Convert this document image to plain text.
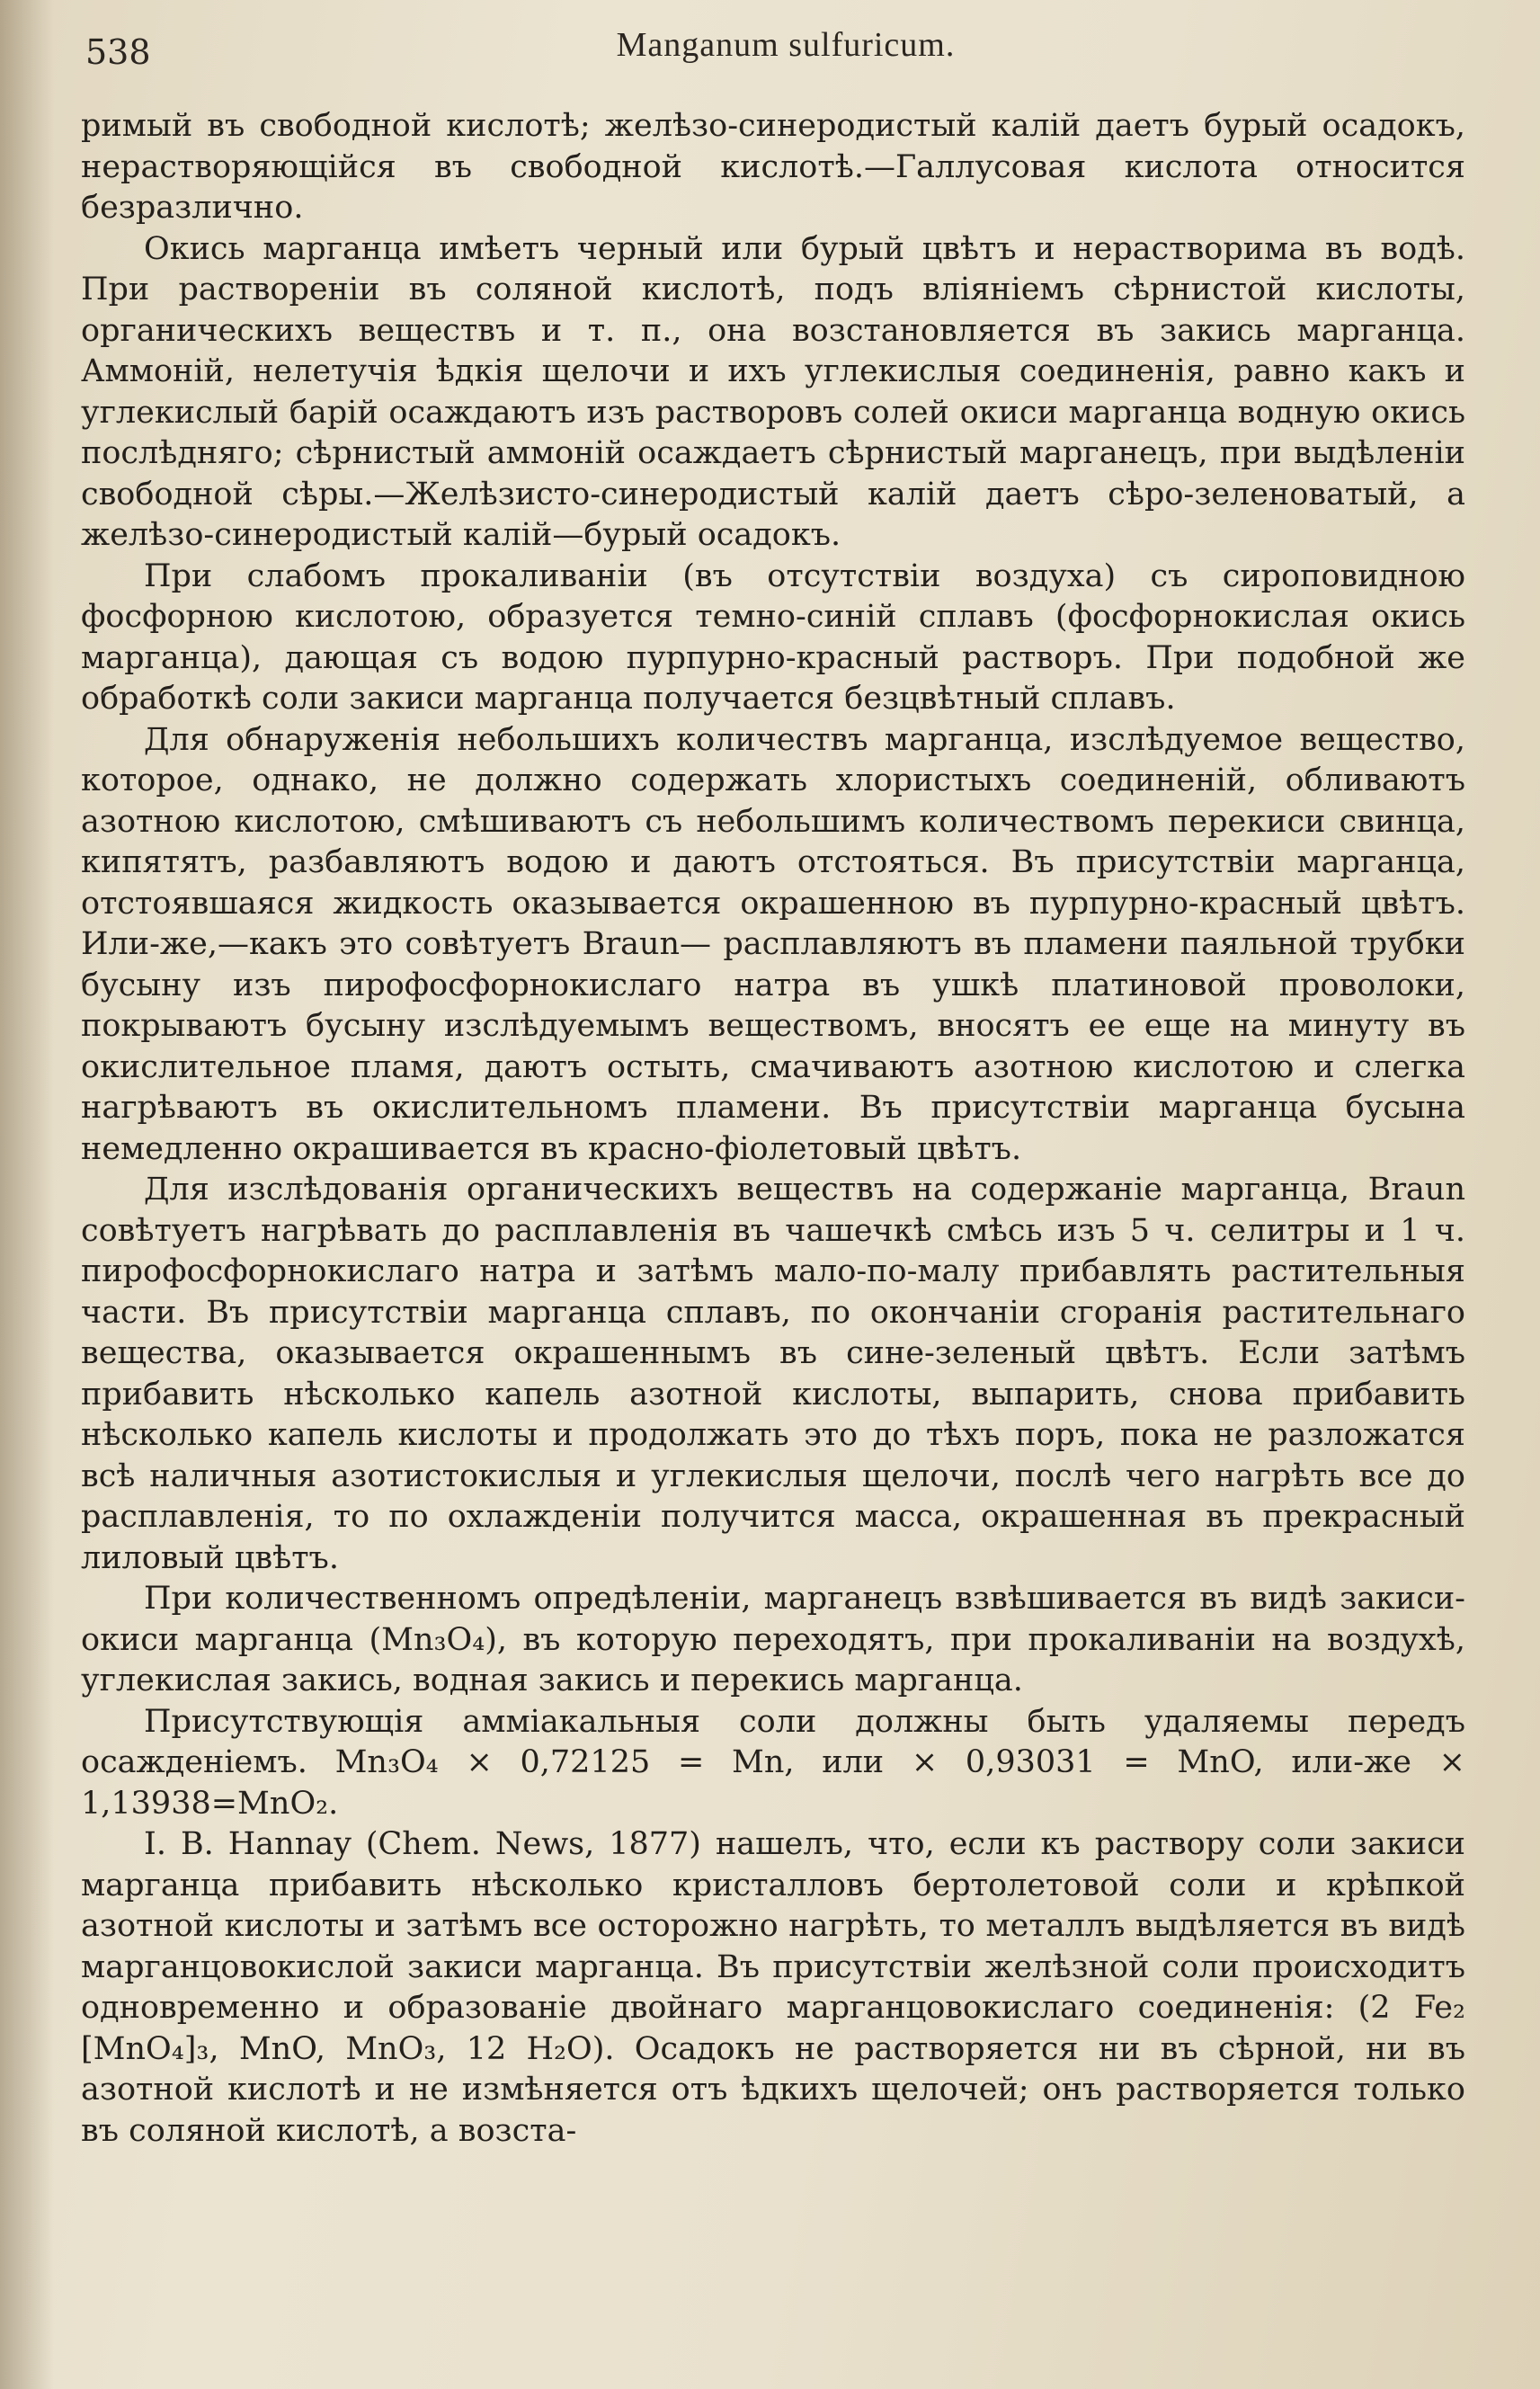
538	Manganum sulfuricum.

римый въ свободной кислотѣ; желѣзо-синеродистый калій даетъ бурый осадокъ, нерастворяющійся въ свободной кислотѣ.—Галлусовая кислота относится безразлично.

Окись марганца имѣетъ черный или бурый цвѣтъ и нерастворима въ водѣ. При растворенiи въ соляной кислотѣ, подъ вліяніемъ сѣрнистой кислоты, органическихъ веществъ и т. п., она возстановляется въ закись марганца. Аммоній, нелетучія ѣдкія щелочи и ихъ углекислыя соединенія, равно какъ и углекислый барій осаждаютъ изъ растворовъ солей окиси марганца водную окись послѣдняго; сѣрнистый аммоній осаждаетъ сѣрнистый марганецъ, при выдѣленіи свободной сѣры.—Желѣзисто-синеродистый калій даетъ сѣро-зеленоватый, а желѣзо-синеродистый калій—бурый осадокъ.

При слабомъ прокаливаніи (въ отсутствіи воздуха) съ сироповидною фосфорною кислотою, образуется темно-синій сплавъ (фосфорнокислая окись марганца), дающая съ водою пурпурно-красный растворъ. При подобной же обработкѣ соли закиси марганца получается безцвѣтный сплавъ.

Для обнаруженія небольшихъ количествъ марганца, изслѣдуемое вещество, которое, однако, не должно содержать хлористыхъ соединеній, обливаютъ азотною кислотою, смѣшиваютъ съ небольшимъ количествомъ перекиси свинца, кипятятъ, разбавляютъ водою и даютъ отстояться. Въ присутствіи марганца, отстоявшаяся жидкость оказывается окрашенною въ пурпурно-красный цвѣтъ. Или-же,—какъ это совѣтуетъ Braun— расплавляютъ въ пламени паяльной трубки бусыну изъ пирофосфорнокислаго натра въ ушкѣ платиновой проволоки, покрываютъ бусыну изслѣдуемымъ веществомъ, вносятъ ее еще на минуту въ окислительное пламя, даютъ остыть, смачиваютъ азотною кислотою и слегка нагрѣваютъ въ окислительномъ пламени. Въ присутствіи марганца бусына немедленно окрашивается въ красно-фіолетовый цвѣтъ.

Для изслѣдованія органическихъ веществъ на содержаніе марганца, Braun совѣтуетъ нагрѣвать до расплавленія въ чашечкѣ смѣсь изъ 5 ч. селитры и 1 ч. пирофосфорнокислаго натра и затѣмъ мало-по-малу прибавлять растительныя части. Въ присутствіи марганца сплавъ, по окончаніи сгоранія растительнаго вещества, оказывается окрашеннымъ въ сине-зеленый цвѣтъ. Если затѣмъ прибавить нѣсколько капель азотной кислоты, выпарить, снова прибавить нѣсколько капель кислоты и продолжать это до тѣхъ поръ, пока не разложатся всѣ наличныя азотистокислыя и углекислыя щелочи, послѣ чего нагрѣть все до расплавленія, то по охлажденіи получится масса, окрашенная въ прекрасный лиловый цвѣтъ.

При количественномъ опредѣленіи, марганецъ взвѣшивается въ видѣ закиси-окиси марганца (Mn₃O₄), въ которую переходятъ, при прокаливаніи на воздухѣ, углекислая закись, водная закись и перекись марганца.

Присутствующія амміакальныя соли должны быть удаляемы передъ осажденіемъ. Mn₃O₄ × 0,72125 = Mn, или × 0,93031 = MnO, или-же × 1,13938=MnO₂.

I. B. Hannay (Chem. News, 1877) нашелъ, что, если къ раствору соли закиси марганца прибавить нѣсколько кристалловъ бертолетовой соли и крѣпкой азотной кислоты и затѣмъ все осторожно нагрѣть, то металлъ выдѣляется въ видѣ марганцовокислой закиси марганца. Въ присутствіи желѣзной соли происходитъ одновременно и образованіе двойнаго марганцовокислаго соединенія: (2 Fe₂ [MnO₄]₃, MnO, MnO₃, 12 H₂O). Осадокъ не растворяется ни въ сѣрной, ни въ азотной кислотѣ и не измѣняется отъ ѣдкихъ щелочей; онъ растворяется только въ соляной кислотѣ, а возста-
